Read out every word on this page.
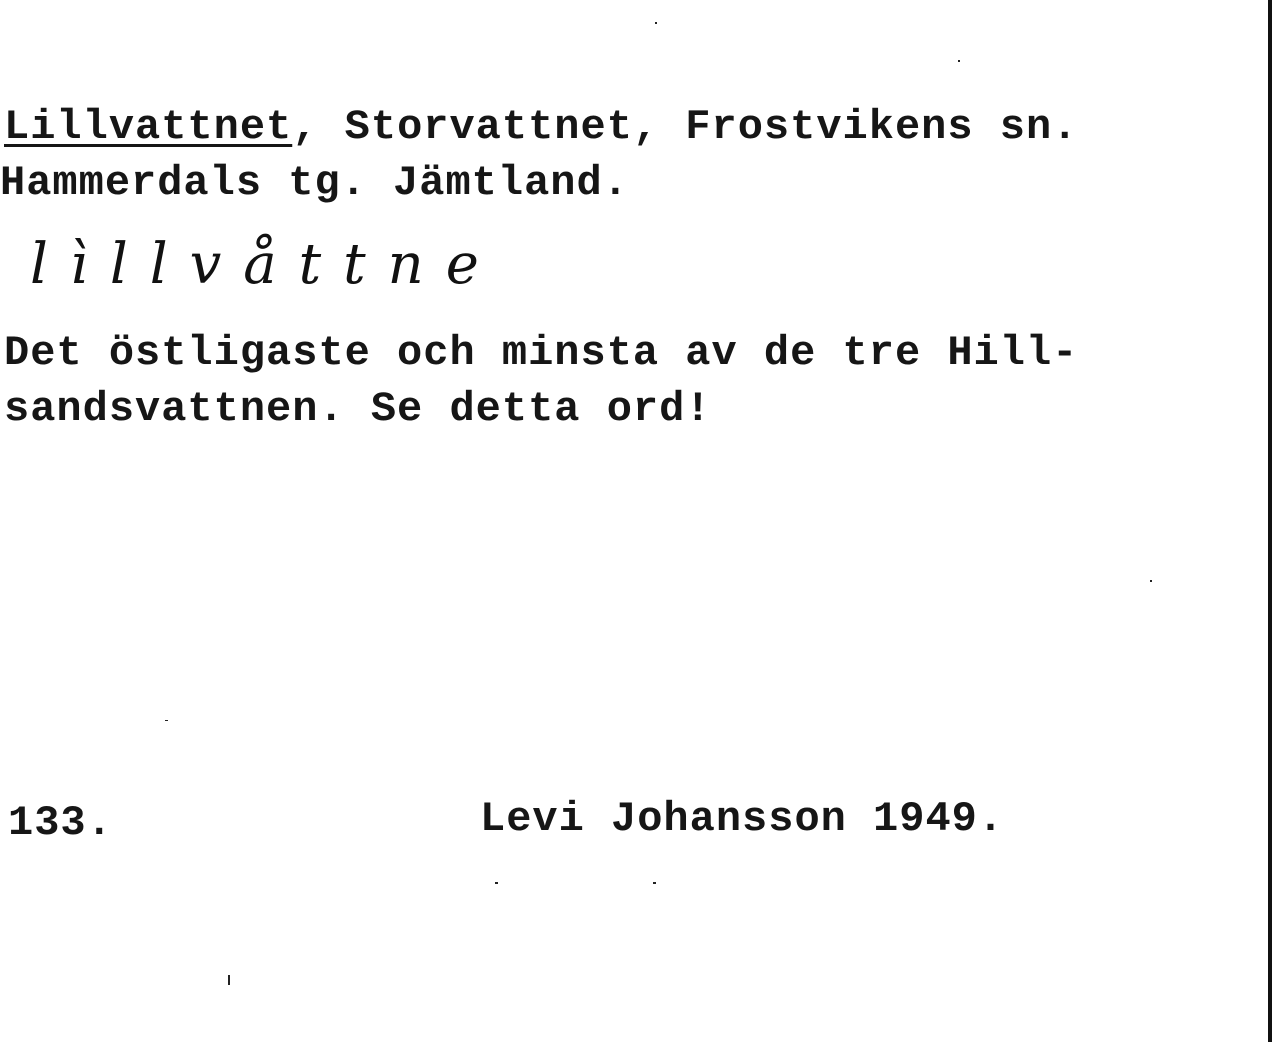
Lillvattnet, Storvattnet, Frostvikens sn.
Hammerdals tg. Jämtland.
lìllvåttne
Det östligaste och minsta av de tre Hill-
sandsvattnen. Se detta ord!
133.	Levi Johansson 1949.
